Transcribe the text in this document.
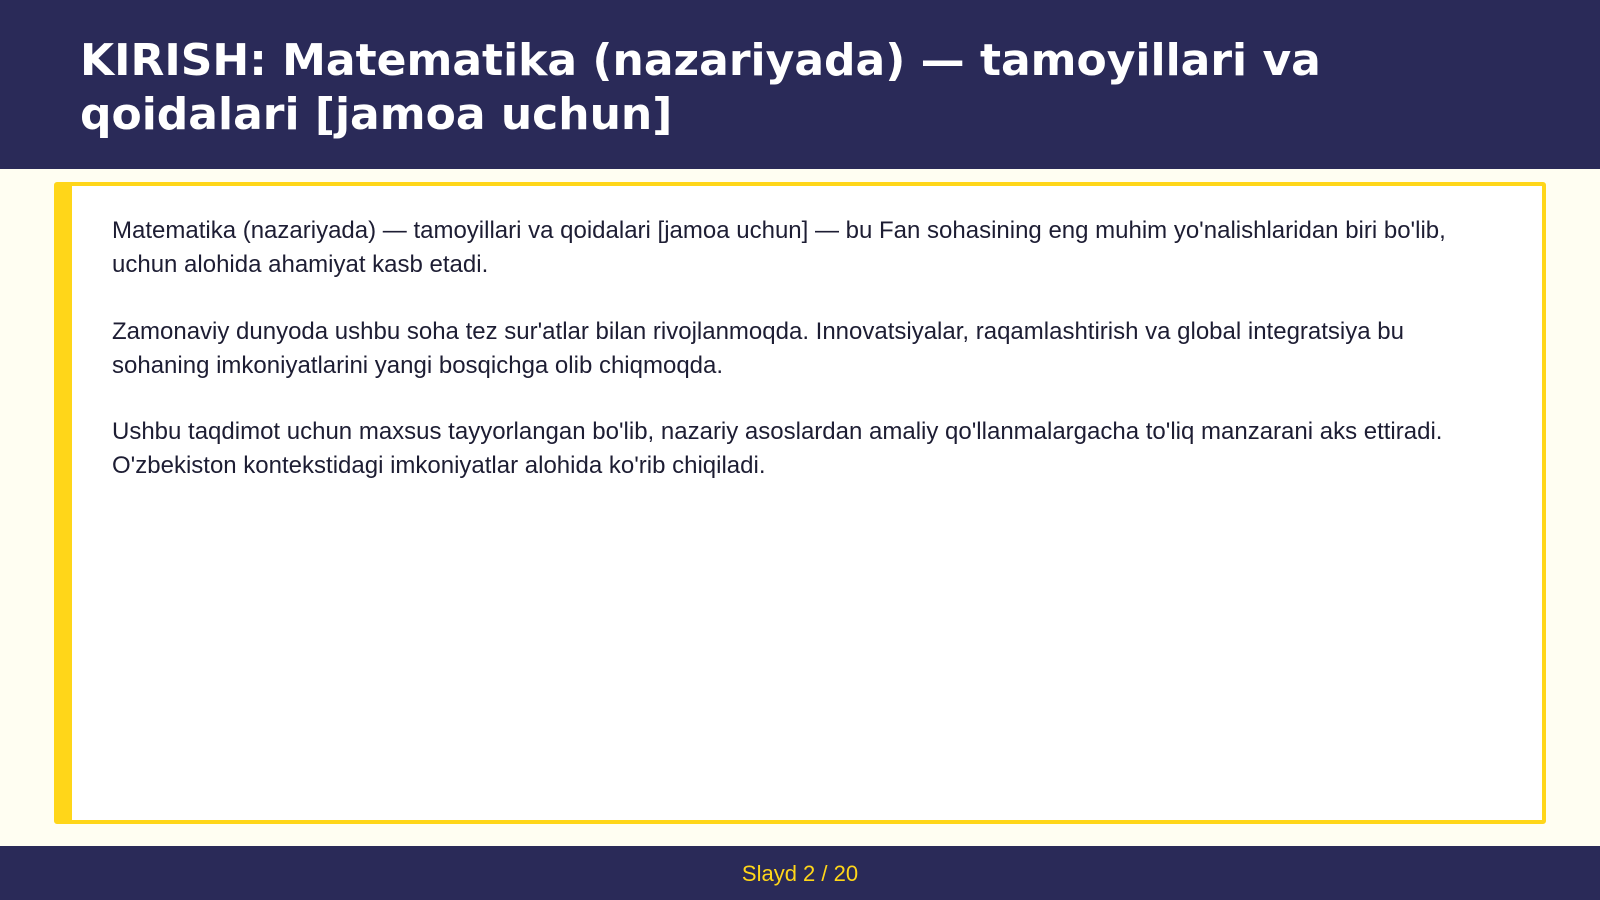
KIRISH: Matematika (nazariyada) — tamoyillari va qoidalari [jamoa uchun]

Matematika (nazariyada) — tamoyillari va qoidalari [jamoa uchun] — bu Fan sohasining eng muhim yo'nalishlaridan biri bo'lib, uchun alohida ahamiyat kasb etadi.

Zamonaviy dunyoda ushbu soha tez sur'atlar bilan rivojlanmoqda. Innovatsiyalar, raqamlashtirish va global integratsiya bu sohaning imkoniyatlarini yangi bosqichga olib chiqmoqda.

Ushbu taqdimot uchun maxsus tayyorlangan bo'lib, nazariy asoslardan amaliy qo'llanmalargacha to'liq manzarani aks ettiradi. O'zbekiston kontekstidagi imkoniyatlar alohida ko'rib chiqiladi.

Slayd 2 / 20
